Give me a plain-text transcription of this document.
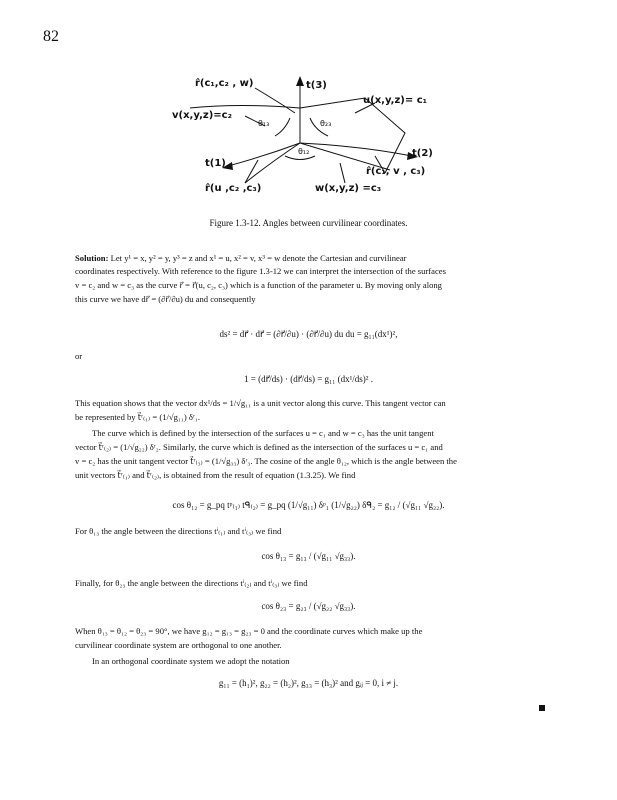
82
r̂(c₁,c₂ , w)	t(3)
u(x,y,z)= c₁
v(x,y,z)=c₂
θ₁₃	θ₂₃
θ₁₂
t(1)
t(2)
r̂(c₁, v , c₃)
r̂(u ,c₂ ,c₃)	w(x,y,z) =c₃
Figure 1.3-12. Angles between curvilinear coordinates.
Solution: Let y¹ = x, y² = y, y³ = z and x¹ = u, x² = v, x³ = w denote the Cartesian and curvilinear
coordinates respectively. With reference to the figure 1.3-12 we can interpret the intersection of the surfaces
v = c₂ and w = c₃ as the curve r⃗ = r⃗(u, c₂, c₃) which is a function of the parameter u. By moving only along
this curve we have dr⃗ = (∂r⃗/∂u) du and consequently
ds² = dr⃗ · dr⃗ = (∂r⃗/∂u) · (∂r⃗/∂u) du du = g₁₁(dx¹)²,
or
1 = (dr⃗/ds) · (dr⃗/ds) = g₁₁ (dx¹/ds)² .
This equation shows that the vector dx¹/ds = 1/√g₁₁ is a unit vector along this curve. This tangent vector can
be represented by t⃗ʳ₍₁₎ = (1/√g₁₁) δʳ₁.
The curve which is defined by the intersection of the surfaces u = c₁ and w = c₃ has the unit tangent
vector t⃗ʳ₍₂₎ = (1/√g₂₂) δʳ₂. Similarly, the curve which is defined as the intersection of the surfaces u = c₁ and
v = c₂ has the unit tangent vector t⃗ʳ₍₃₎ = (1/√g₃₃) δʳ₃. The cosine of the angle θ₁₂, which is the angle between the
unit vectors t⃗ʳ₍₁₎ and t⃗ʳ₍₂₎, is obtained from the result of equation (1.3.25). We find
cos θ₁₂ = g_pq tᵖ₍₁₎ tᑫ₍₂₎ = g_pq (1/√g₁₁) δᵖ₁ (1/√g₂₂) δᑫ₂ = g₁₂ / (√g₁₁ √g₂₂).
For θ₁₃ the angle between the directions tⁱ₍₁₎ and tⁱ₍₃₎ we find
cos θ₁₃ = g₁₃ / (√g₁₁ √g₃₃).
Finally, for θ₂₃ the angle between the directions tⁱ₍₂₎ and tⁱ₍₃₎ we find
cos θ₂₃ = g₂₃ / (√g₂₂ √g₃₃).
When θ₁₃ = θ₁₂ = θ₂₃ = 90°, we have g₁₂ = g₁₃ = g₂₃ = 0 and the coordinate curves which make up the
curvilinear coordinate system are orthogonal to one another.
In an orthogonal coordinate system we adopt the notation
g₁₁ = (h₁)², g₂₂ = (h₂)², g₃₃ = (h₃)² and gᵢⱼ = 0, i ≠ j.
